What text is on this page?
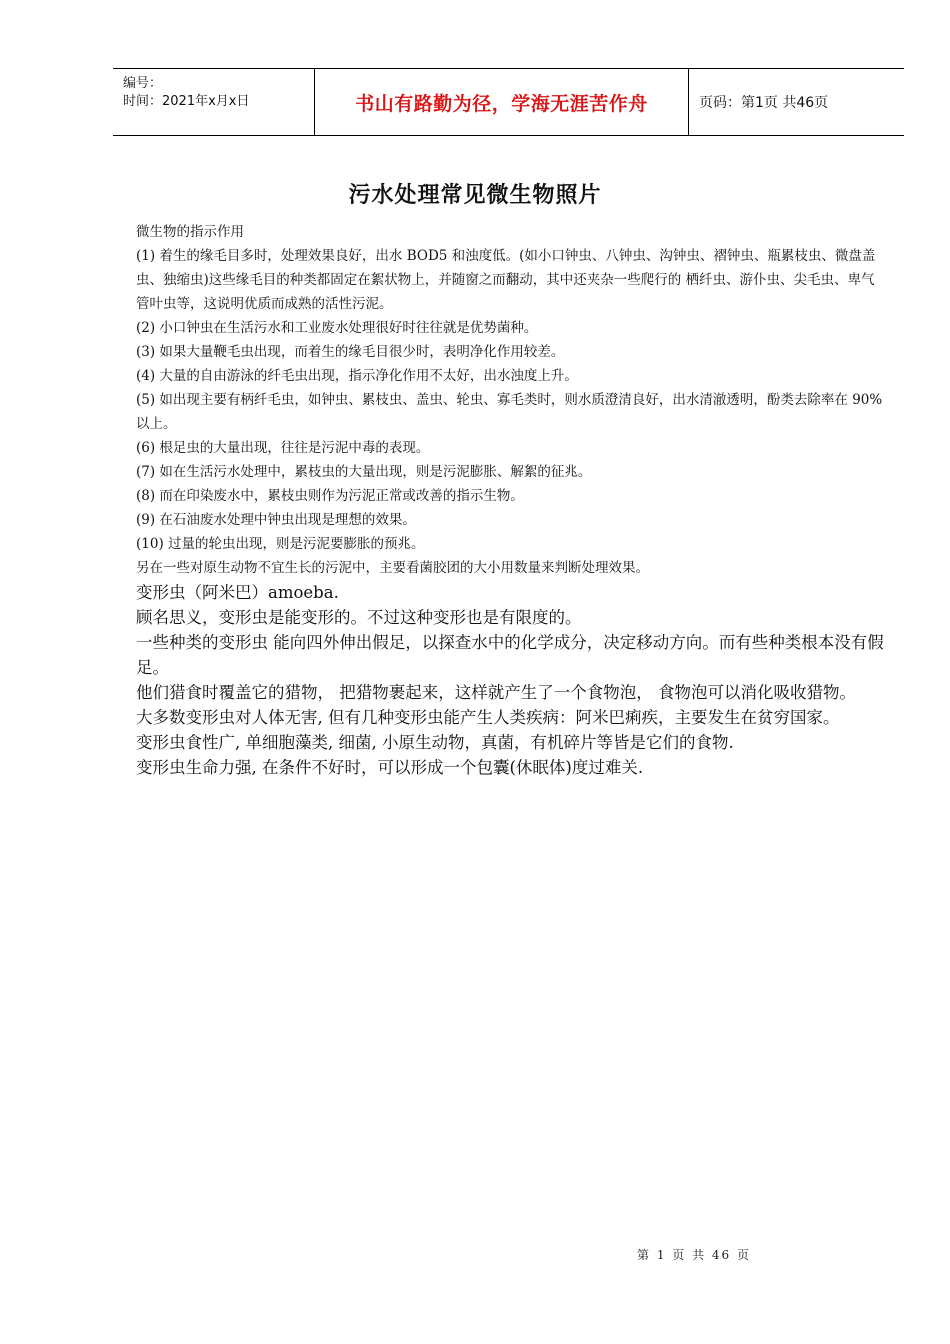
编号：
时间：2021年x月x日	书山有路勤为径，学海无涯苦作舟	页码：第1页 共46页
污水处理常见微生物照片

微生物的指示作用

(1) 着生的缘毛目多时，处理效果良好，出水 BOD5 和浊度低。(如小口钟虫、八钟虫、沟钟虫、褶钟虫、瓶累枝虫、微盘盖虫、独缩虫)这些缘毛目的种类都固定在絮状物上，并随窗之而翻动，其中还夹杂一些爬行的 栖纤虫、游仆虫、尖毛虫、卑气管叶虫等，这说明优质而成熟的活性污泥。

(2) 小口钟虫在生活污水和工业废水处理很好时往往就是优势菌种。

(3) 如果大量鞭毛虫出现，而着生的缘毛目很少时，表明净化作用较差。

(4) 大量的自由游泳的纤毛虫出现，指示净化作用不太好，出水浊度上升。

(5) 如出现主要有柄纤毛虫，如钟虫、累枝虫、盖虫、轮虫、寡毛类时，则水质澄清良好，出水清澈透明，酚类去除率在 90%以上。

(6) 根足虫的大量出现，往往是污泥中毒的表现。

(7) 如在生活污水处理中，累枝虫的大量出现，则是污泥膨胀、解絮的征兆。

(8) 而在印染废水中，累枝虫则作为污泥正常或改善的指示生物。

(9) 在石油废水处理中钟虫出现是理想的效果。

(10) 过量的轮虫出现，则是污泥要膨胀的预兆。

另在一些对原生动物不宜生长的污泥中，主要看菌胶团的大小用数量来判断处理效果。

变形虫（阿米巴）amoeba.

顾名思义，变形虫是能变形的。不过这种变形也是有限度的。

一些种类的变形虫 能向四外伸出假足，以探查水中的化学成分，决定移动方向。而有些种类根本没有假足。

他们猎食时覆盖它的猎物， 把猎物裹起来，这样就产生了一个食物泡， 食物泡可以消化吸收猎物。

大多数变形虫对人体无害, 但有几种变形虫能产生人类疾病：阿米巴痢疾，主要发生在贫穷国家。

变形虫食性广, 单细胞藻类, 细菌, 小原生动物，真菌，有机碎片等皆是它们的食物.

变形虫生命力强, 在条件不好时，可以形成一个包囊(休眠体)度过难关.

第 1 页 共 46 页
